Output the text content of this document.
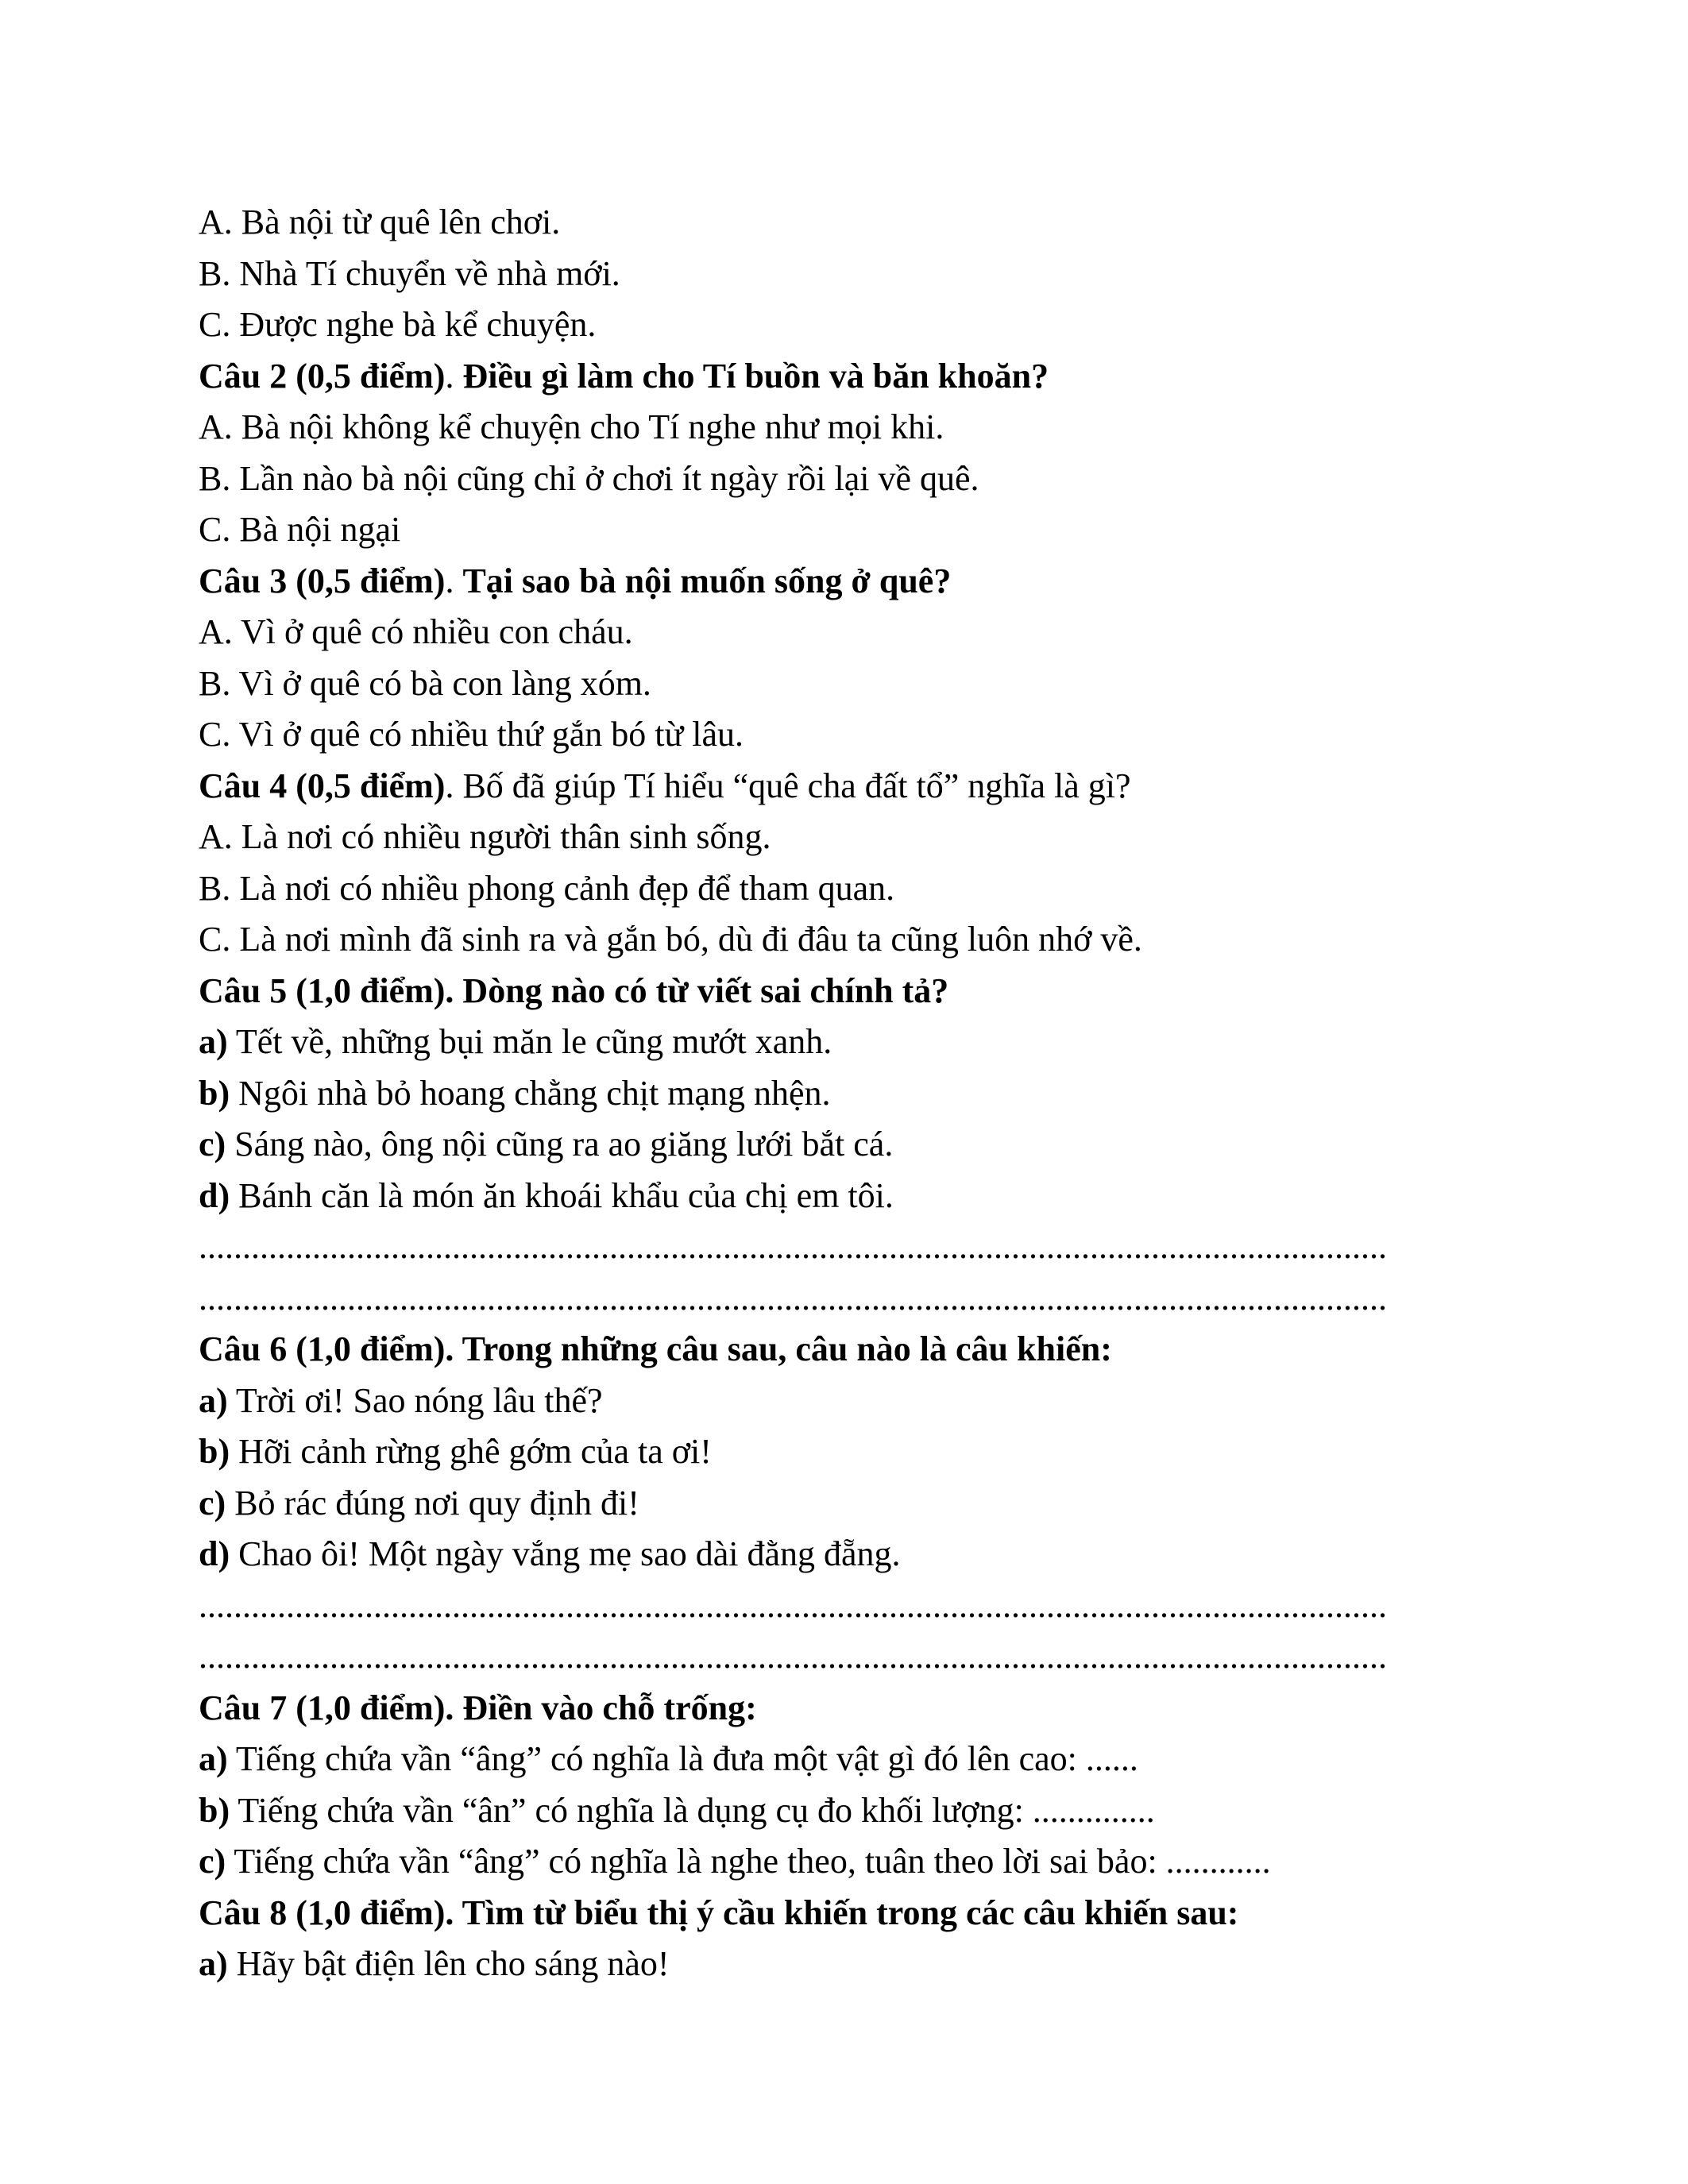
A. Bà nội từ quê lên chơi.
B. Nhà Tí chuyển về nhà mới.
C. Được nghe bà kể chuyện.
Câu 2 (0,5 điểm). Điều gì làm cho Tí buồn và băn khoăn?
A. Bà nội không kể chuyện cho Tí nghe như mọi khi.
B. Lần nào bà nội cũng chỉ ở chơi ít ngày rồi lại về quê.
C. Bà nội ngại
Câu 3 (0,5 điểm). Tại sao bà nội muốn sống ở quê?
A. Vì ở quê có nhiều con cháu.
B. Vì ở quê có bà con làng xóm.
C. Vì ở quê có nhiều thứ gắn bó từ lâu.
Câu 4 (0,5 điểm). Bố đã giúp Tí hiểu “quê cha đất tổ” nghĩa là gì?
A. Là nơi có nhiều người thân sinh sống.
B. Là nơi có nhiều phong cảnh đẹp để tham quan.
C. Là nơi mình đã sinh ra và gắn bó, dù đi đâu ta cũng luôn nhớ về.
Câu 5 (1,0 điểm). Dòng nào có từ viết sai chính tả?
a) Tết về, những bụi măn le cũng mướt xanh.
b) Ngôi nhà bỏ hoang chằng chịt mạng nhện.
c) Sáng nào, ông nội cũng ra ao giăng lưới bắt cá.
d) Bánh căn là món ăn khoái khẩu của chị em tôi.
........................................................................................................................................
........................................................................................................................................
Câu 6 (1,0 điểm). Trong những câu sau, câu nào là câu khiến:
a) Trời ơi! Sao nóng lâu thế?
b) Hỡi cảnh rừng ghê gớm của ta ơi!
c) Bỏ rác đúng nơi quy định đi!
d) Chao ôi! Một ngày vắng mẹ sao dài đằng đẵng.
........................................................................................................................................
........................................................................................................................................
Câu 7 (1,0 điểm). Điền vào chỗ trống:
a) Tiếng chứa vần “âng” có nghĩa là đưa một vật gì đó lên cao: ......
b) Tiếng chứa vần “ân” có nghĩa là dụng cụ đo khối lượng: ..............
c) Tiếng chứa vần “âng” có nghĩa là nghe theo, tuân theo lời sai bảo: ............
Câu 8 (1,0 điểm). Tìm từ biểu thị ý cầu khiến trong các câu khiến sau:
a) Hãy bật điện lên cho sáng nào!
